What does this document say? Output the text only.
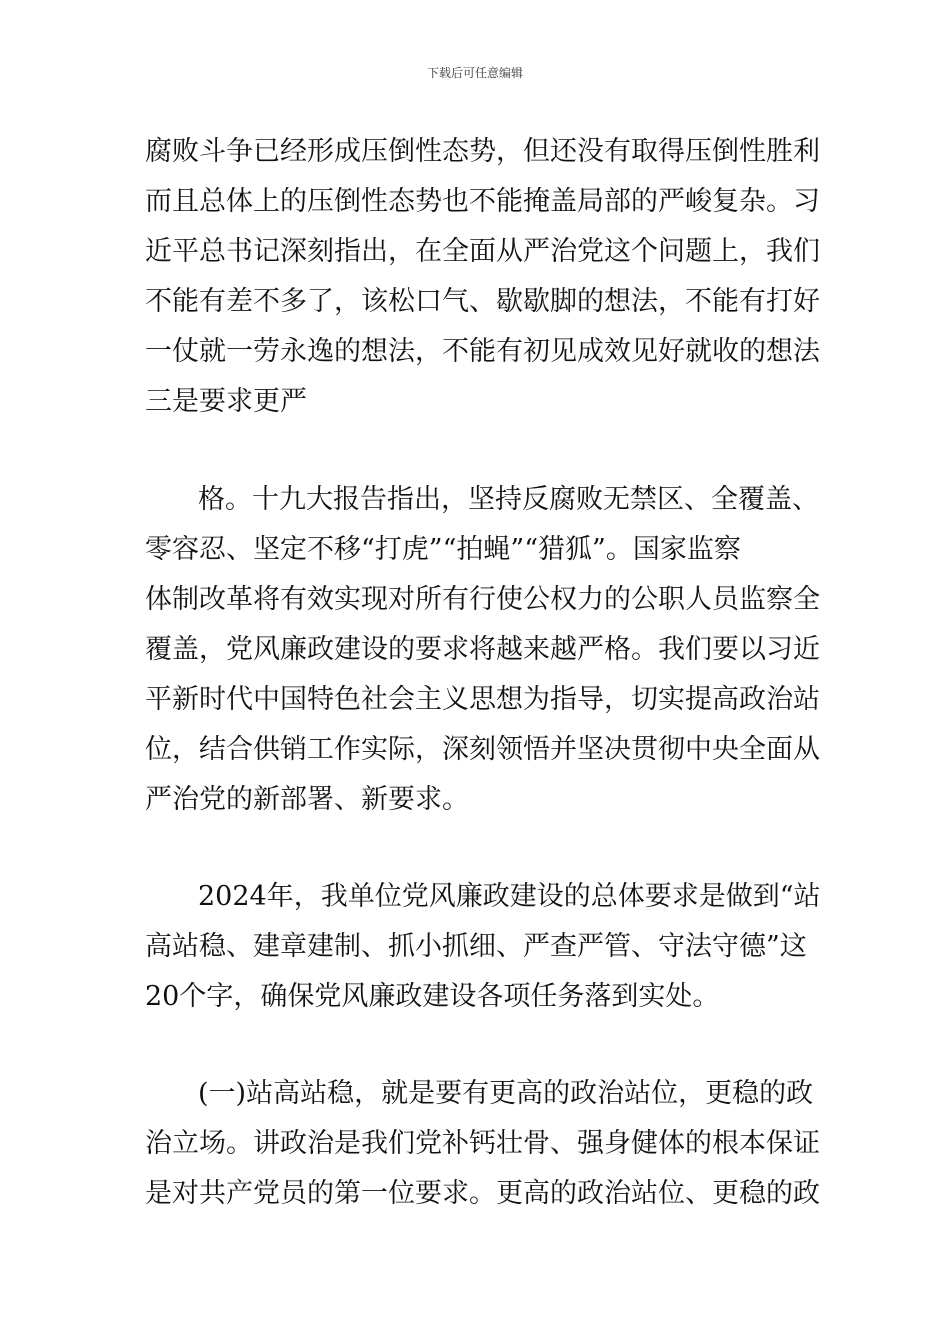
下载后可任意编辑
腐败斗争已经形成压倒性态势，但还没有取得压倒性胜利
而且总体上的压倒性态势也不能掩盖局部的严峻复杂。习
近平总书记深刻指出，在全面从严治党这个问题上，我们
不能有差不多了，该松口气、歇歇脚的想法，不能有打好
一仗就一劳永逸的想法，不能有初见成效见好就收的想法
三是要求更严
格。十九大报告指出，坚持反腐败无禁区、全覆盖、
零容忍、坚定不移“打虎”“拍蝇”“猎狐”。国家监察
体制改革将有效实现对所有行使公权力的公职人员监察全
覆盖，党风廉政建设的要求将越来越严格。我们要以习近
平新时代中国特色社会主义思想为指导，切实提高政治站
位，结合供销工作实际，深刻领悟并坚决贯彻中央全面从
严治党的新部署、新要求。
2024年，我单位党风廉政建设的总体要求是做到“站
高站稳、建章建制、抓小抓细、严查严管、守法守德”这
20个字，确保党风廉政建设各项任务落到实处。
(一)站高站稳，就是要有更高的政治站位，更稳的政
治立场。讲政治是我们党补钙壮骨、强身健体的根本保证
是对共产党员的第一位要求。更高的政治站位、更稳的政
